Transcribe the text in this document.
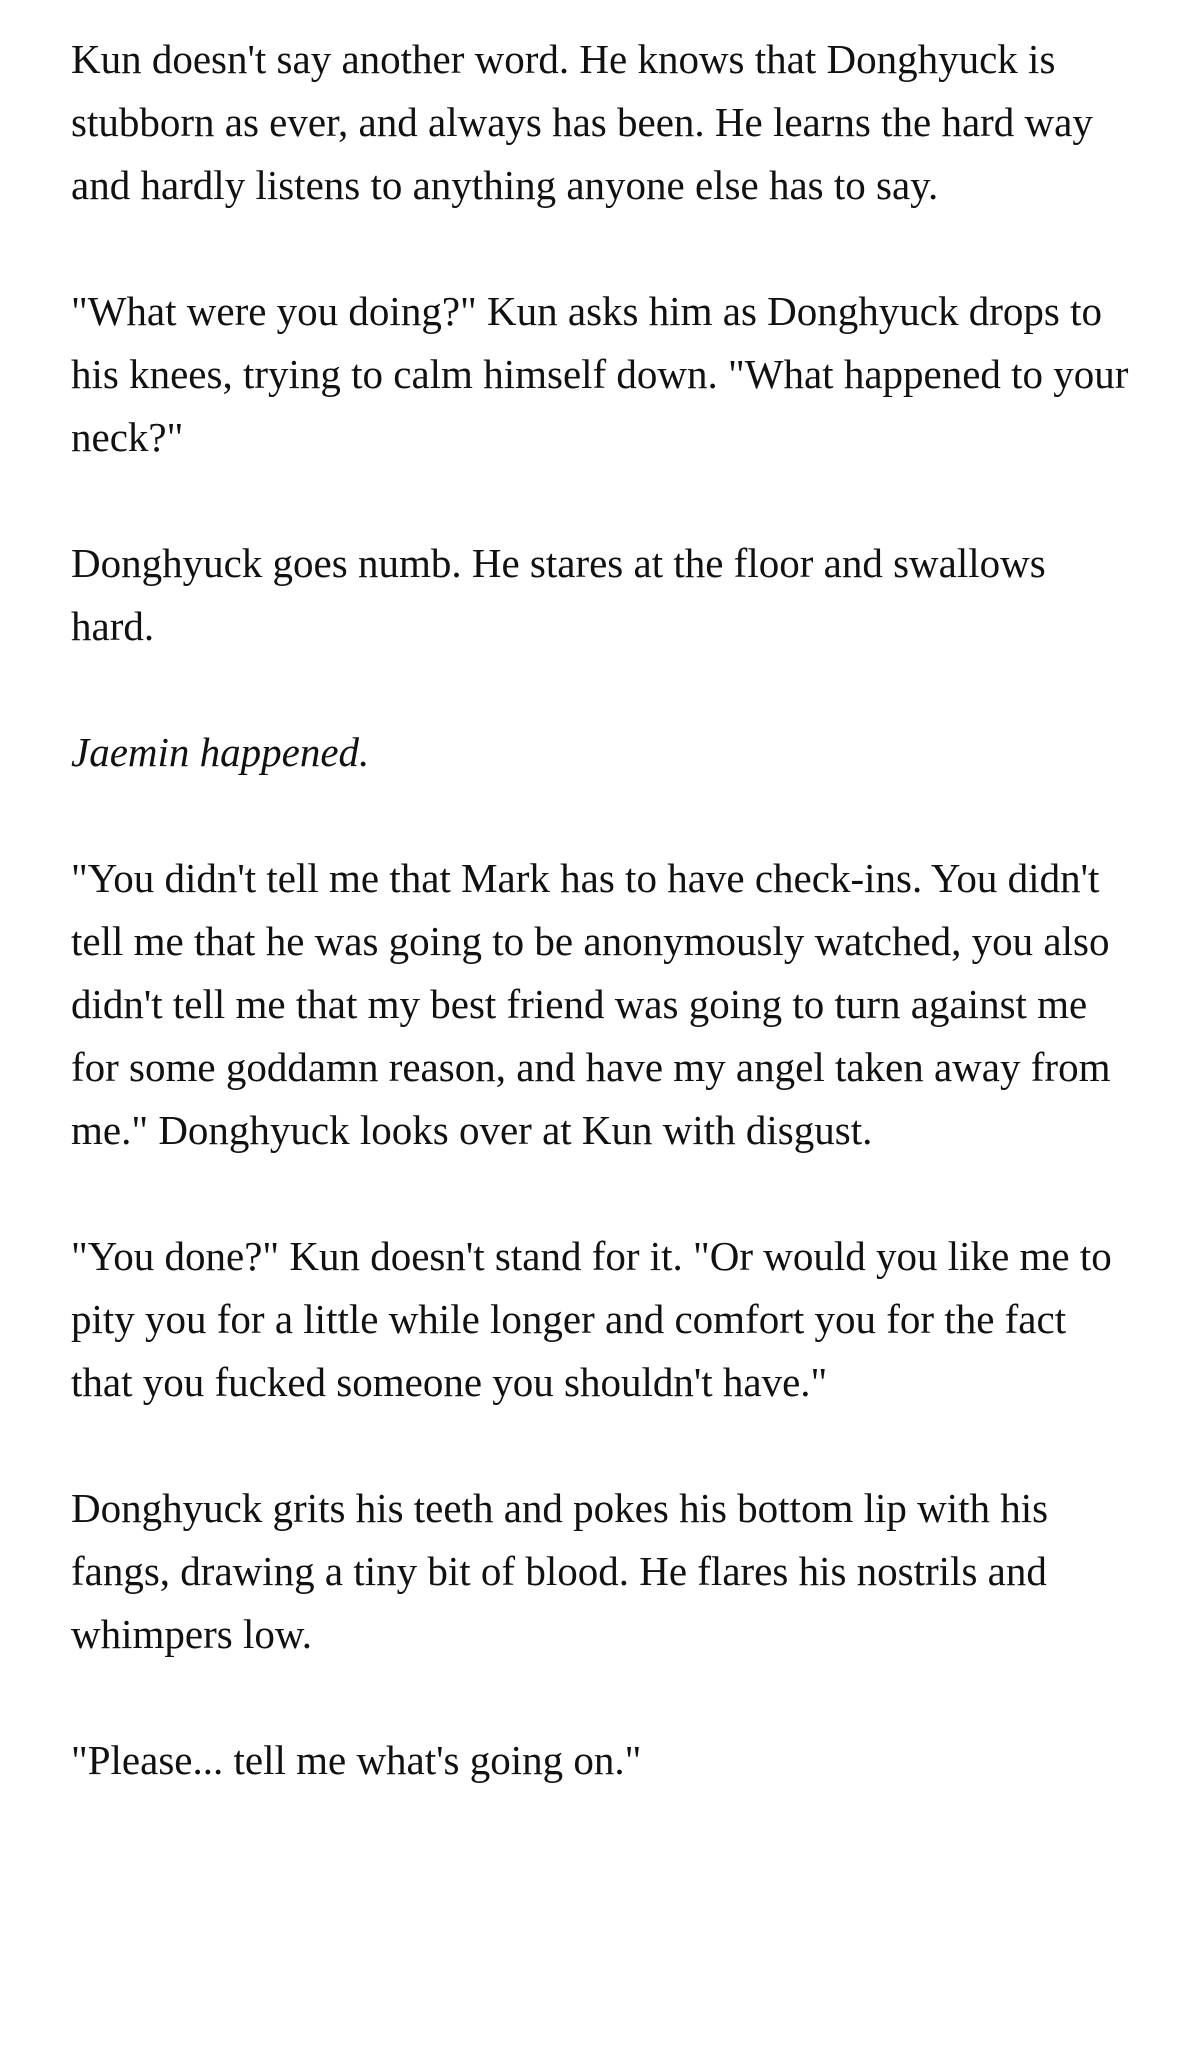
Kun doesn't say another word. He knows that Donghyuck is stubborn as ever, and always has been. He learns the hard way and hardly listens to anything anyone else has to say.

"What were you doing?" Kun asks him as Donghyuck drops to his knees, trying to calm himself down. "What happened to your neck?"

Donghyuck goes numb. He stares at the floor and swallows hard.

Jaemin happened.

"You didn't tell me that Mark has to have check-ins. You didn't tell me that he was going to be anonymously watched, you also didn't tell me that my best friend was going to turn against me for some goddamn reason, and have my angel taken away from me." Donghyuck looks over at Kun with disgust.

"You done?" Kun doesn't stand for it. "Or would you like me to pity you for a little while longer and comfort you for the fact that you fucked someone you shouldn't have."

Donghyuck grits his teeth and pokes his bottom lip with his fangs, drawing a tiny bit of blood. He flares his nostrils and whimpers low.

"Please... tell me what's going on."
